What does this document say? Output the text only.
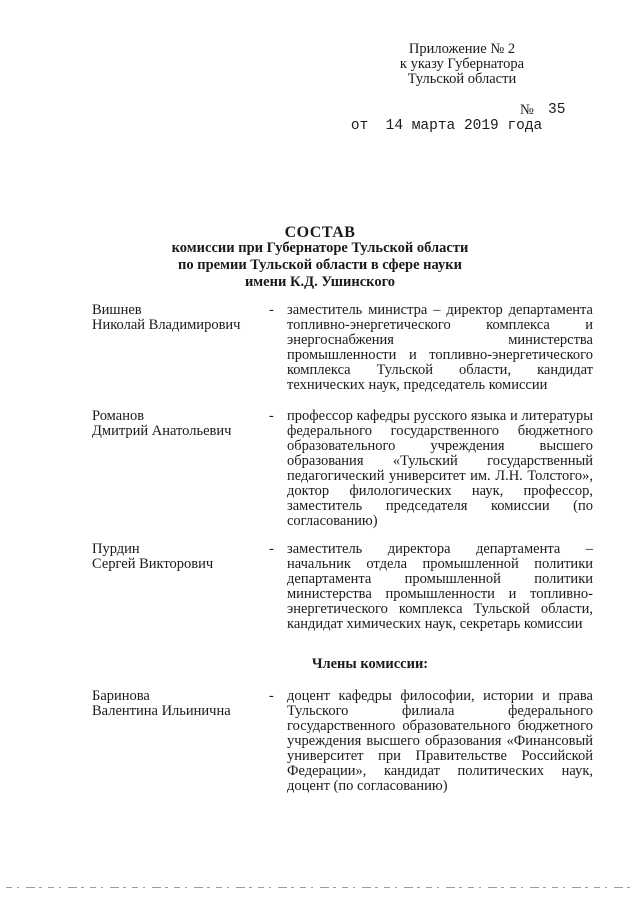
Приложение № 2
к указу Губернатора
Тульской области

от 14 марта 2019 года

№

35

СОСТАВ
комиссии при Губернаторе Тульской области
по премии Тульской области в сфере науки
имени К.Д. Ушинского
Вишнев
Николай Владимирович
- заместитель министра – директор департамента топливно-энергетического комплекса и энергоснабжения министерства промышленности и топливно-энергетического комплекса Тульской области, кандидат технических наук, председатель комиссии
Романов
Дмитрий Анатольевич
- профессор кафедры русского языка и литературы федерального государственного бюджетного образовательного учреждения высшего образования «Тульский государственный педагогический университет им. Л.Н. Толстого», доктор филологических наук, профессор, заместитель председателя комиссии (по согласованию)
Пурдин
Сергей Викторович
- заместитель директора департамента – начальник отдела промышленной политики департамента промышленной политики министерства промышленности и топливно-энергетического комплекса Тульской области, кандидат химических наук, секретарь комиссии
Члены комиссии:
Баринова
Валентина Ильинична
- доцент кафедры философии, истории и права Тульского филиала федерального государственного образовательного бюджетного учреждения высшего образования «Финансовый университет при Правительстве Российской Федерации», кандидат политических наук, доцент (по согласованию)
